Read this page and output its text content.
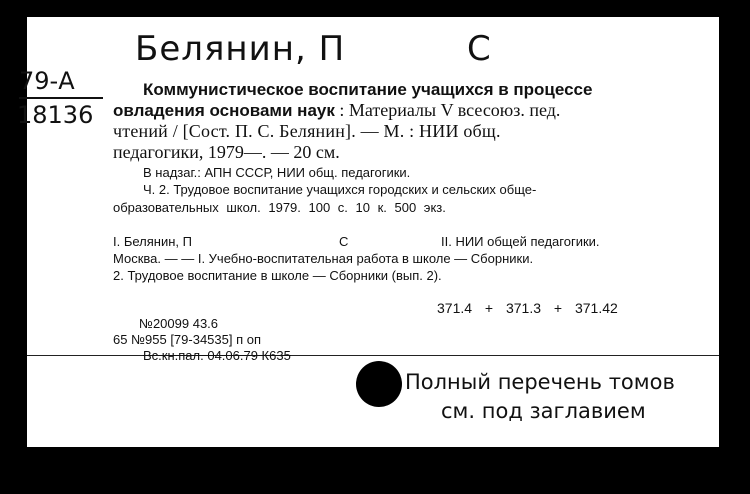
Белянин, П	С
79-А
18136
Коммунистическое воспитание учащихся в процессе
овладения основами наук : Материалы V всесоюз. пед.
чтений / [Сост. П. С. Белянин]. — М. : НИИ общ.
педагогики, 1979—. — 20 см.
В надзаг.: АПН СССР, НИИ общ. педагогики.
Ч. 2. Трудовое воспитание учащихся городских и сельских обще-
образовательных школ. 1979. 100 с. 10 к. 500 экз.
I. Белянин, П	С	II. НИИ общей педагогики.
Москва. — — I. Учебно-воспитательная работа в школе — Сборники.
2. Трудовое воспитание в школе — Сборники (вып. 2).
371.4 + 371.3 + 371.42
№20099 43.6
65 №955 [79-34535] п оп
Вс.кн.пал. 04.06.79 К635
Полный перечень томов
см. под заглавием
